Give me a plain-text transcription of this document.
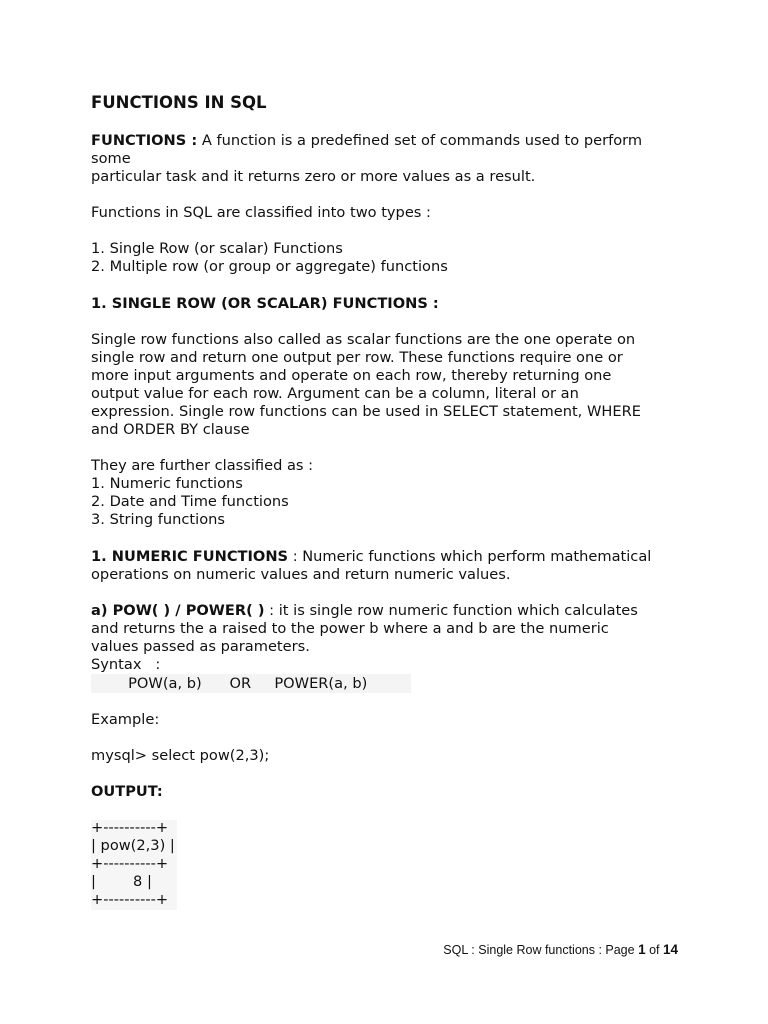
FUNCTIONS IN SQL
FUNCTIONS : A function is a predefined set of commands used to perform
some
particular task and it returns zero or more values as a result.
Functions in SQL are classified into two types :
1. Single Row (or scalar) Functions
2. Multiple row (or group or aggregate) functions
1. SINGLE ROW (OR SCALAR) FUNCTIONS :
Single row functions also called as scalar functions are the one operate on
single row and return one output per row. These functions require one or
more input arguments and operate on each row, thereby returning one
output value for each row. Argument can be a column, literal or an
expression. Single row functions can be used in SELECT statement, WHERE
and ORDER BY clause
They are further classified as :
1. Numeric functions
2. Date and Time functions
3. String functions
1. NUMERIC FUNCTIONS : Numeric functions which perform mathematical
operations on numeric values and return numeric values.
a) POW( ) / POWER( ) : it is single row numeric function which calculates
and returns the a raised to the power b where a and b are the numeric
values passed as parameters.
Syntax   :
POW(a, b)      OR     POWER(a, b)
Example:
mysql> select pow(2,3);
OUTPUT:
+----------+
| pow(2,3) |
+----------+
|        8 |
+----------+
SQL : Single Row functions : Page 1 of 14
